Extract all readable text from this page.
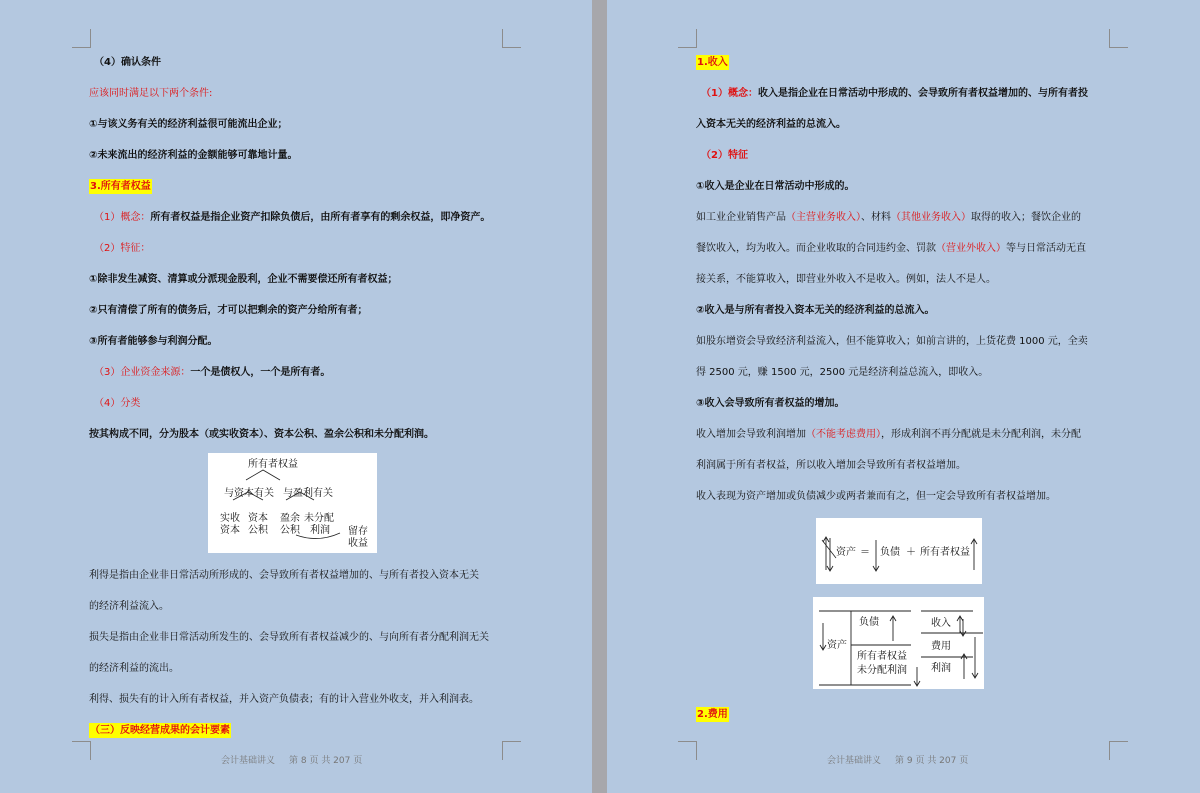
（4）确认条件
应该同时满足以下两个条件:
①与该义务有关的经济利益很可能流出企业；
②未来流出的经济利益的金额能够可靠地计量。
3.所有者权益
（1）概念：所有者权益是指企业资产扣除负债后，由所有者享有的剩余权益，即净资产。
（2）特征：
①除非发生减资、清算或分派现金股利，企业不需要偿还所有者权益；
②只有清偿了所有的债务后，才可以把剩余的资产分给所有者；
③所有者能够参与利润分配。
（3）企业资金来源：一个是债权人，一个是所有者。
（4）分类
按其构成不同，分为股本（或实收资本）、资本公积、盈余公积和未分配利润。
所有者权益
与资本有关 与盈利有关
实收
资本
资本
公积
盈余
公积
未分配
利润 留存
收益
利得是指由企业非日常活动所形成的、会导致所有者权益增加的、与所有者投入资本无关
的经济利益流入。
损失是指由企业非日常活动所发生的、会导致所有者权益减少的、与向所有者分配利润无关
的经济利益的流出。
利得、损失有的计入所有者权益，并入资产负债表；有的计入营业外收支，并入利润表。
（三）反映经营成果的会计要素
会计基础讲义 第 8 页 共 207 页
1.收入
（1）概念：收入是指企业在日常活动中形成的、会导致所有者权益增加的、与所有者投
入资本无关的经济利益的总流入。
（2）特征
①收入是企业在日常活动中形成的。
如工业企业销售产品（主营业务收入）、材料（其他业务收入）取得的收入；餐饮企业的
餐饮收入，均为收入。而企业收取的合同违约金、罚款（营业外收入）等与日常活动无直
接关系，不能算收入，即营业外收入不是收入。例如，法人不是人。
②收入是与所有者投入资本无关的经济利益的总流入。
如股东增资会导致经济利益流入，但不能算收入；如前言讲的，上货花费 1000 元，全卖
得 2500 元，赚 1500 元，2500 元是经济利益总流入，即收入。
③收入会导致所有者权益的增加。
收入增加会导致利润增加（不能考虑费用），形成利润不再分配就是未分配利润，未分配
利润属于所有者权益，所以收入增加会导致所有者权益增加。
收入表现为资产增加或负债减少或两者兼而有之，但一定会导致所有者权益增加。
资产 ＝ 负债 ＋ 所有者权益
负债
资产
所有者权益
未分配利润
收入
费用
利润
2.费用
会计基础讲义 第 9 页 共 207 页
